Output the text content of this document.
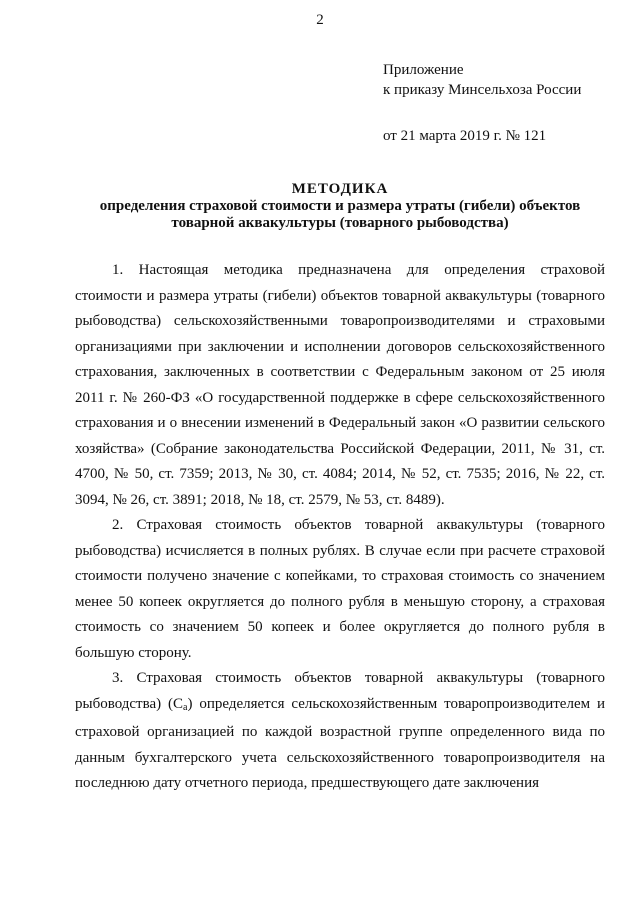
2
Приложение
к приказу Минсельхоза России
от 21 марта 2019 г. № 121
МЕТОДИКА
определения страховой стоимости и размера утраты (гибели) объектов
товарной аквакультуры (товарного рыбоводства)

1. Настоящая методика предназначена для определения страховой стоимости и размера утраты (гибели) объектов товарной аквакультуры (товарного рыбоводства) сельскохозяйственными товаропроизводителями и страховыми организациями при заключении и исполнении договоров сельскохозяйственного страхования, заключенных в соответствии с Федеральным законом от 25 июля 2011 г. № 260-ФЗ «О государственной поддержке в сфере сельскохозяйственного страхования и о внесении изменений в Федеральный закон «О развитии сельского хозяйства» (Собрание законодательства Российской Федерации, 2011, № 31, ст. 4700, № 50, ст. 7359; 2013, № 30, ст. 4084; 2014, № 52, ст. 7535; 2016, № 22, ст. 3094, № 26, ст. 3891; 2018, № 18, ст. 2579, № 53, ст. 8489).

2. Страховая стоимость объектов товарной аквакультуры (товарного рыбоводства) исчисляется в полных рублях. В случае если при расчете страховой стоимости получено значение с копейками, то страховая стоимость со значением менее 50 копеек округляется до полного рубля в меньшую сторону, а страховая стоимость со значением 50 копеек и более округляется до полного рубля в большую сторону.

3. Страховая стоимость объектов товарной аквакультуры (товарного рыбоводства) $(С_а)$ определяется сельскохозяйственным товаропроизводителем и страховой организацией по каждой возрастной группе определенного вида по данным бухгалтерского учета сельскохозяйственного товаропроизводителя на последнюю дату отчетного периода, предшествующего дате заключения
